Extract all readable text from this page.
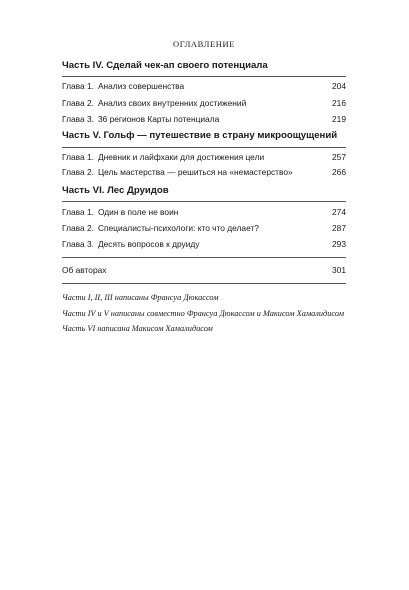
ОГЛАВЛЕНИЕ
Часть IV. Сделай чек-ап своего потенциала
Глава 1. Анализ совершенства	204
Глава 2. Анализ своих внутренних достижений	216
Глава 3. 36 регионов Карты потенциала	219
Часть V. Гольф — путешествие в страну микроощущений
Глава 1. Дневник и лайфхаки для достижения цели	257
Глава 2. Цель мастерства — решиться на «немастерство»	266
Часть VI. Лес Друидов
Глава 1. Один в поле не воин	274
Глава 2. Специалисты-психологи: кто что делает?	287
Глава 3. Десять вопросов к друиду	293
Об авторах	301
Части I, II, III написаны Франсуа Дюкассом
Части IV и V написаны совместно Франсуа Дюкассом и Макисом Хамалидисом
Часть VI написана Макисом Хамалидисом
